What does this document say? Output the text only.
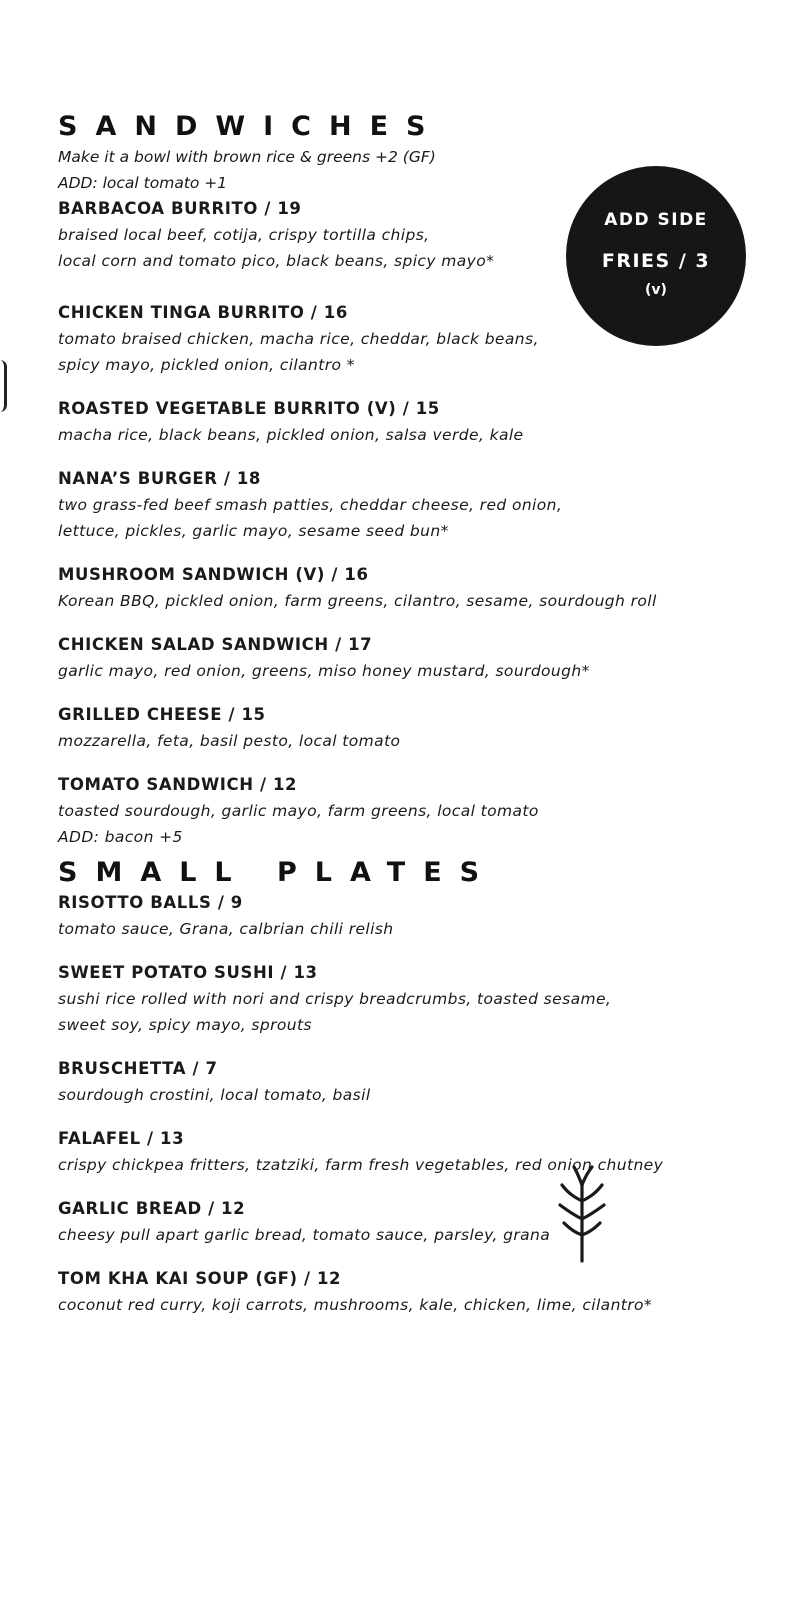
SANDWICHES
Make it a bowl with brown rice & greens +2 (GF)
ADD: local tomato +1
BARBACOA BURRITO / 19
braised local beef, cotija, crispy tortilla chips,
local corn and tomato pico, black beans, spicy mayo*
CHICKEN TINGA BURRITO / 16
tomato braised chicken, macha rice, cheddar, black beans,
spicy mayo, pickled onion, cilantro *
ROASTED VEGETABLE BURRITO (V) / 15
macha rice, black beans, pickled onion, salsa verde, kale
NANA’S BURGER / 18
two grass-fed beef smash patties, cheddar cheese, red onion,
lettuce, pickles, garlic mayo, sesame seed bun*
MUSHROOM SANDWICH (V) / 16
Korean BBQ, pickled onion, farm greens, cilantro, sesame, sourdough roll
CHICKEN SALAD SANDWICH / 17
garlic mayo, red onion, greens, miso honey mustard, sourdough*
GRILLED CHEESE / 15
mozzarella, feta, basil pesto, local tomato
TOMATO SANDWICH / 12
toasted sourdough, garlic mayo, farm greens, local tomato
ADD: bacon +5
SMALL PLATES
RISOTTO BALLS / 9
tomato sauce, Grana, calbrian chili relish
SWEET POTATO SUSHI / 13
sushi rice rolled with nori and crispy breadcrumbs, toasted sesame,
sweet soy, spicy mayo, sprouts
BRUSCHETTA / 7
sourdough crostini, local tomato, basil
FALAFEL / 13
crispy chickpea fritters, tzatziki, farm fresh vegetables, red onion chutney
GARLIC BREAD / 12
cheesy pull apart garlic bread, tomato sauce, parsley, grana
TOM KHA KAI SOUP (GF) / 12
coconut red curry, koji carrots, mushrooms, kale, chicken, lime, cilantro*
ADD SIDE
FRIES / 3
(v)
